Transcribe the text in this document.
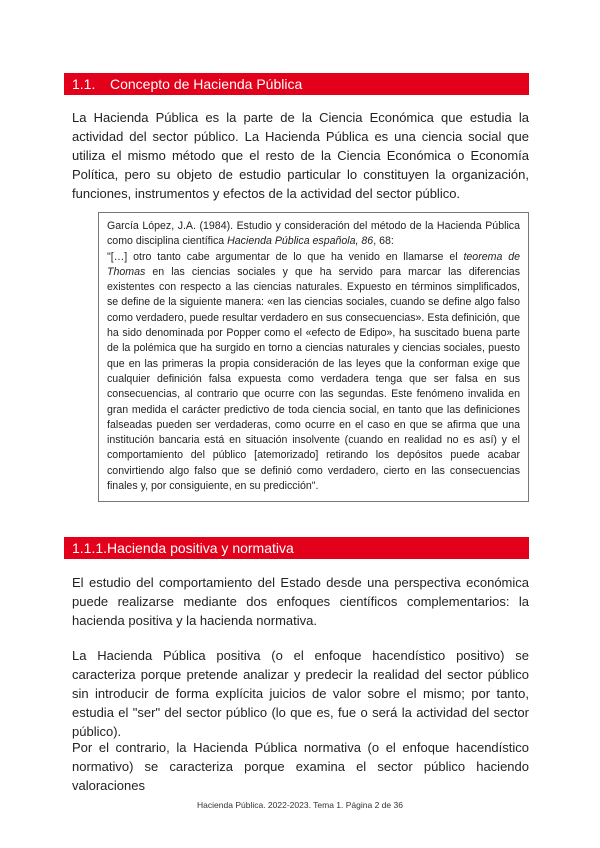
1.1. Concepto de Hacienda Pública
La Hacienda Pública es la parte de la Ciencia Económica que estudia la actividad del sector público. La Hacienda Pública es una ciencia social que utiliza el mismo método que el resto de la Ciencia Económica o Economía Política, pero su objeto de estudio particular lo constituyen la organización, funciones, instrumentos y efectos de la actividad del sector público.
García López, J.A. (1984). Estudio y consideración del método de la Hacienda Pública como disciplina científica Hacienda Pública española, 86, 68:
"[…] otro tanto cabe argumentar de lo que ha venido en llamarse el teorema de Thomas en las ciencias sociales y que ha servido para marcar las diferencias existentes con respecto a las ciencias naturales. Expuesto en términos simplificados, se define de la siguiente manera: «en las ciencias sociales, cuando se define algo falso como verdadero, puede resultar verdadero en sus consecuencias». Esta definición, que ha sido denominada por Popper como el «efecto de Edipo», ha suscitado buena parte de la polémica que ha surgido en torno a ciencias naturales y ciencias sociales, puesto que en las primeras la propia consideración de las leyes que la conforman exige que cualquier definición falsa expuesta como verdadera tenga que ser falsa en sus consecuencias, al contrario que ocurre con las segundas. Este fenómeno invalida en gran medida el carácter predictivo de toda ciencia social, en tanto que las definiciones falseadas pueden ser verdaderas, como ocurre en el caso en que se afirma que una institución bancaria está en situación insolvente (cuando en realidad no es así) y el comportamiento del público [atemorizado] retirando los depósitos puede acabar convirtiendo algo falso que se definió como verdadero, cierto en las consecuencias finales y, por consiguiente, en su predicción".
1.1.1.Hacienda positiva y normativa
El estudio del comportamiento del Estado desde una perspectiva económica puede realizarse mediante dos enfoques científicos complementarios: la hacienda positiva y la hacienda normativa.
La Hacienda Pública positiva (o el enfoque hacendístico positivo) se caracteriza porque pretende analizar y predecir la realidad del sector público sin introducir de forma explícita juicios de valor sobre el mismo; por tanto, estudia el "ser" del sector público (lo que es, fue o será la actividad del sector público).
Por el contrario, la Hacienda Pública normativa (o el enfoque hacendístico normativo) se caracteriza porque examina el sector público haciendo valoraciones
Hacienda Pública. 2022-2023. Tema 1. Página 2 de 36
